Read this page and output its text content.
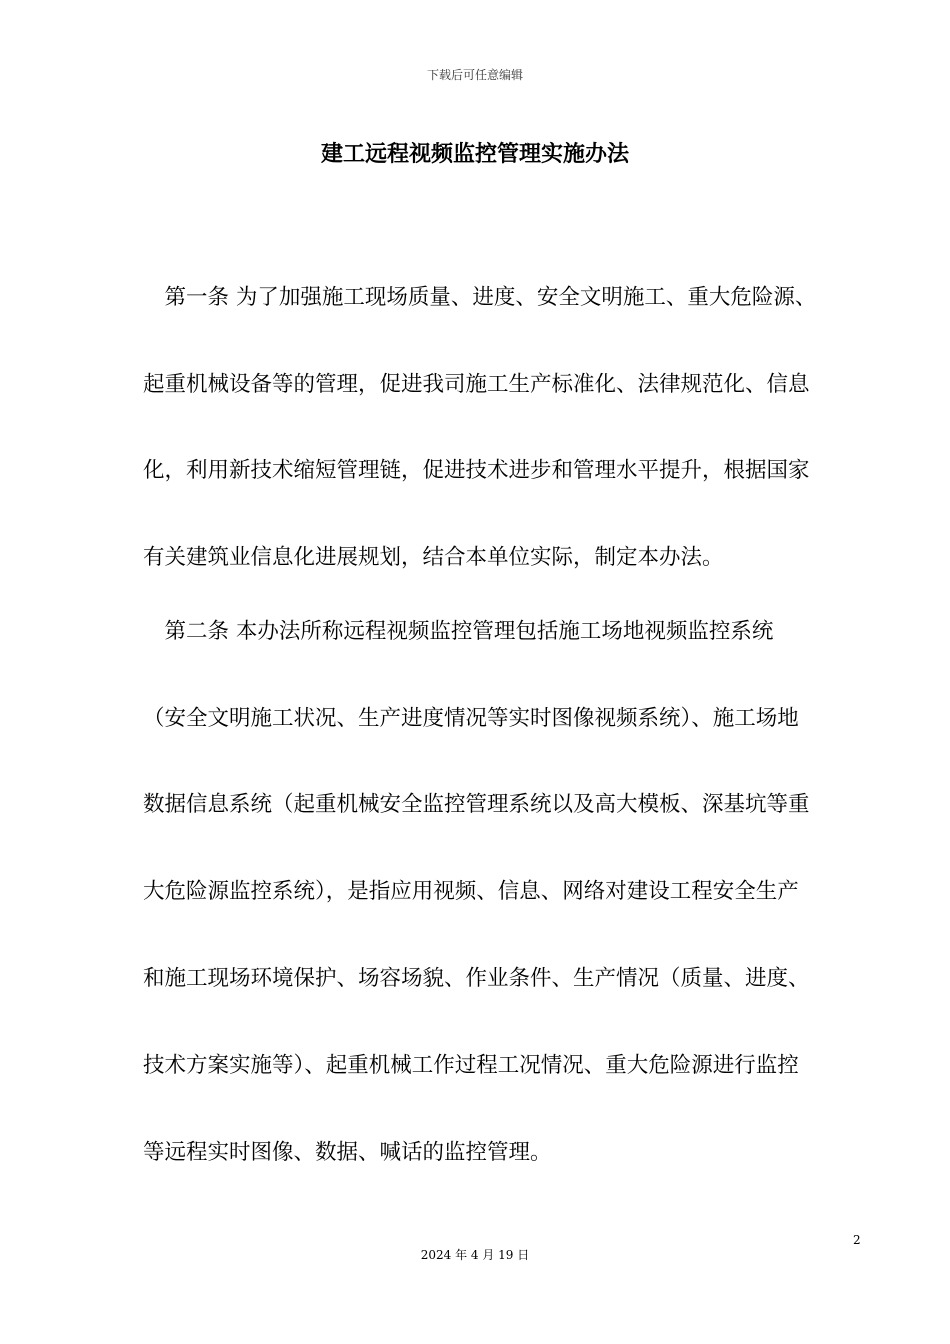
下载后可任意编辑
建工远程视频监控管理实施办法
　第一条 为了加强施工现场质量、进度、安全文明施工、重大危险源、
起重机械设备等的管理，促进我司施工生产标准化、法律规范化、信息
化，利用新技术缩短管理链，促进技术进步和管理水平提升，根据国家
有关建筑业信息化进展规划，结合本单位实际，制定本办法。
　第二条 本办法所称远程视频监控管理包括施工场地视频监控系统
（安全文明施工状况、生产进度情况等实时图像视频系统）、施工场地
数据信息系统（起重机械安全监控管理系统以及高大模板、深基坑等重
大危险源监控系统），是指应用视频、信息、网络对建设工程安全生产
和施工现场环境保护、场容场貌、作业条件、生产情况（质量、进度、
技术方案实施等）、起重机械工作过程工况情况、重大危险源进行监控
等远程实时图像、数据、喊话的监控管理。
2
2024 年 4 月 19 日
